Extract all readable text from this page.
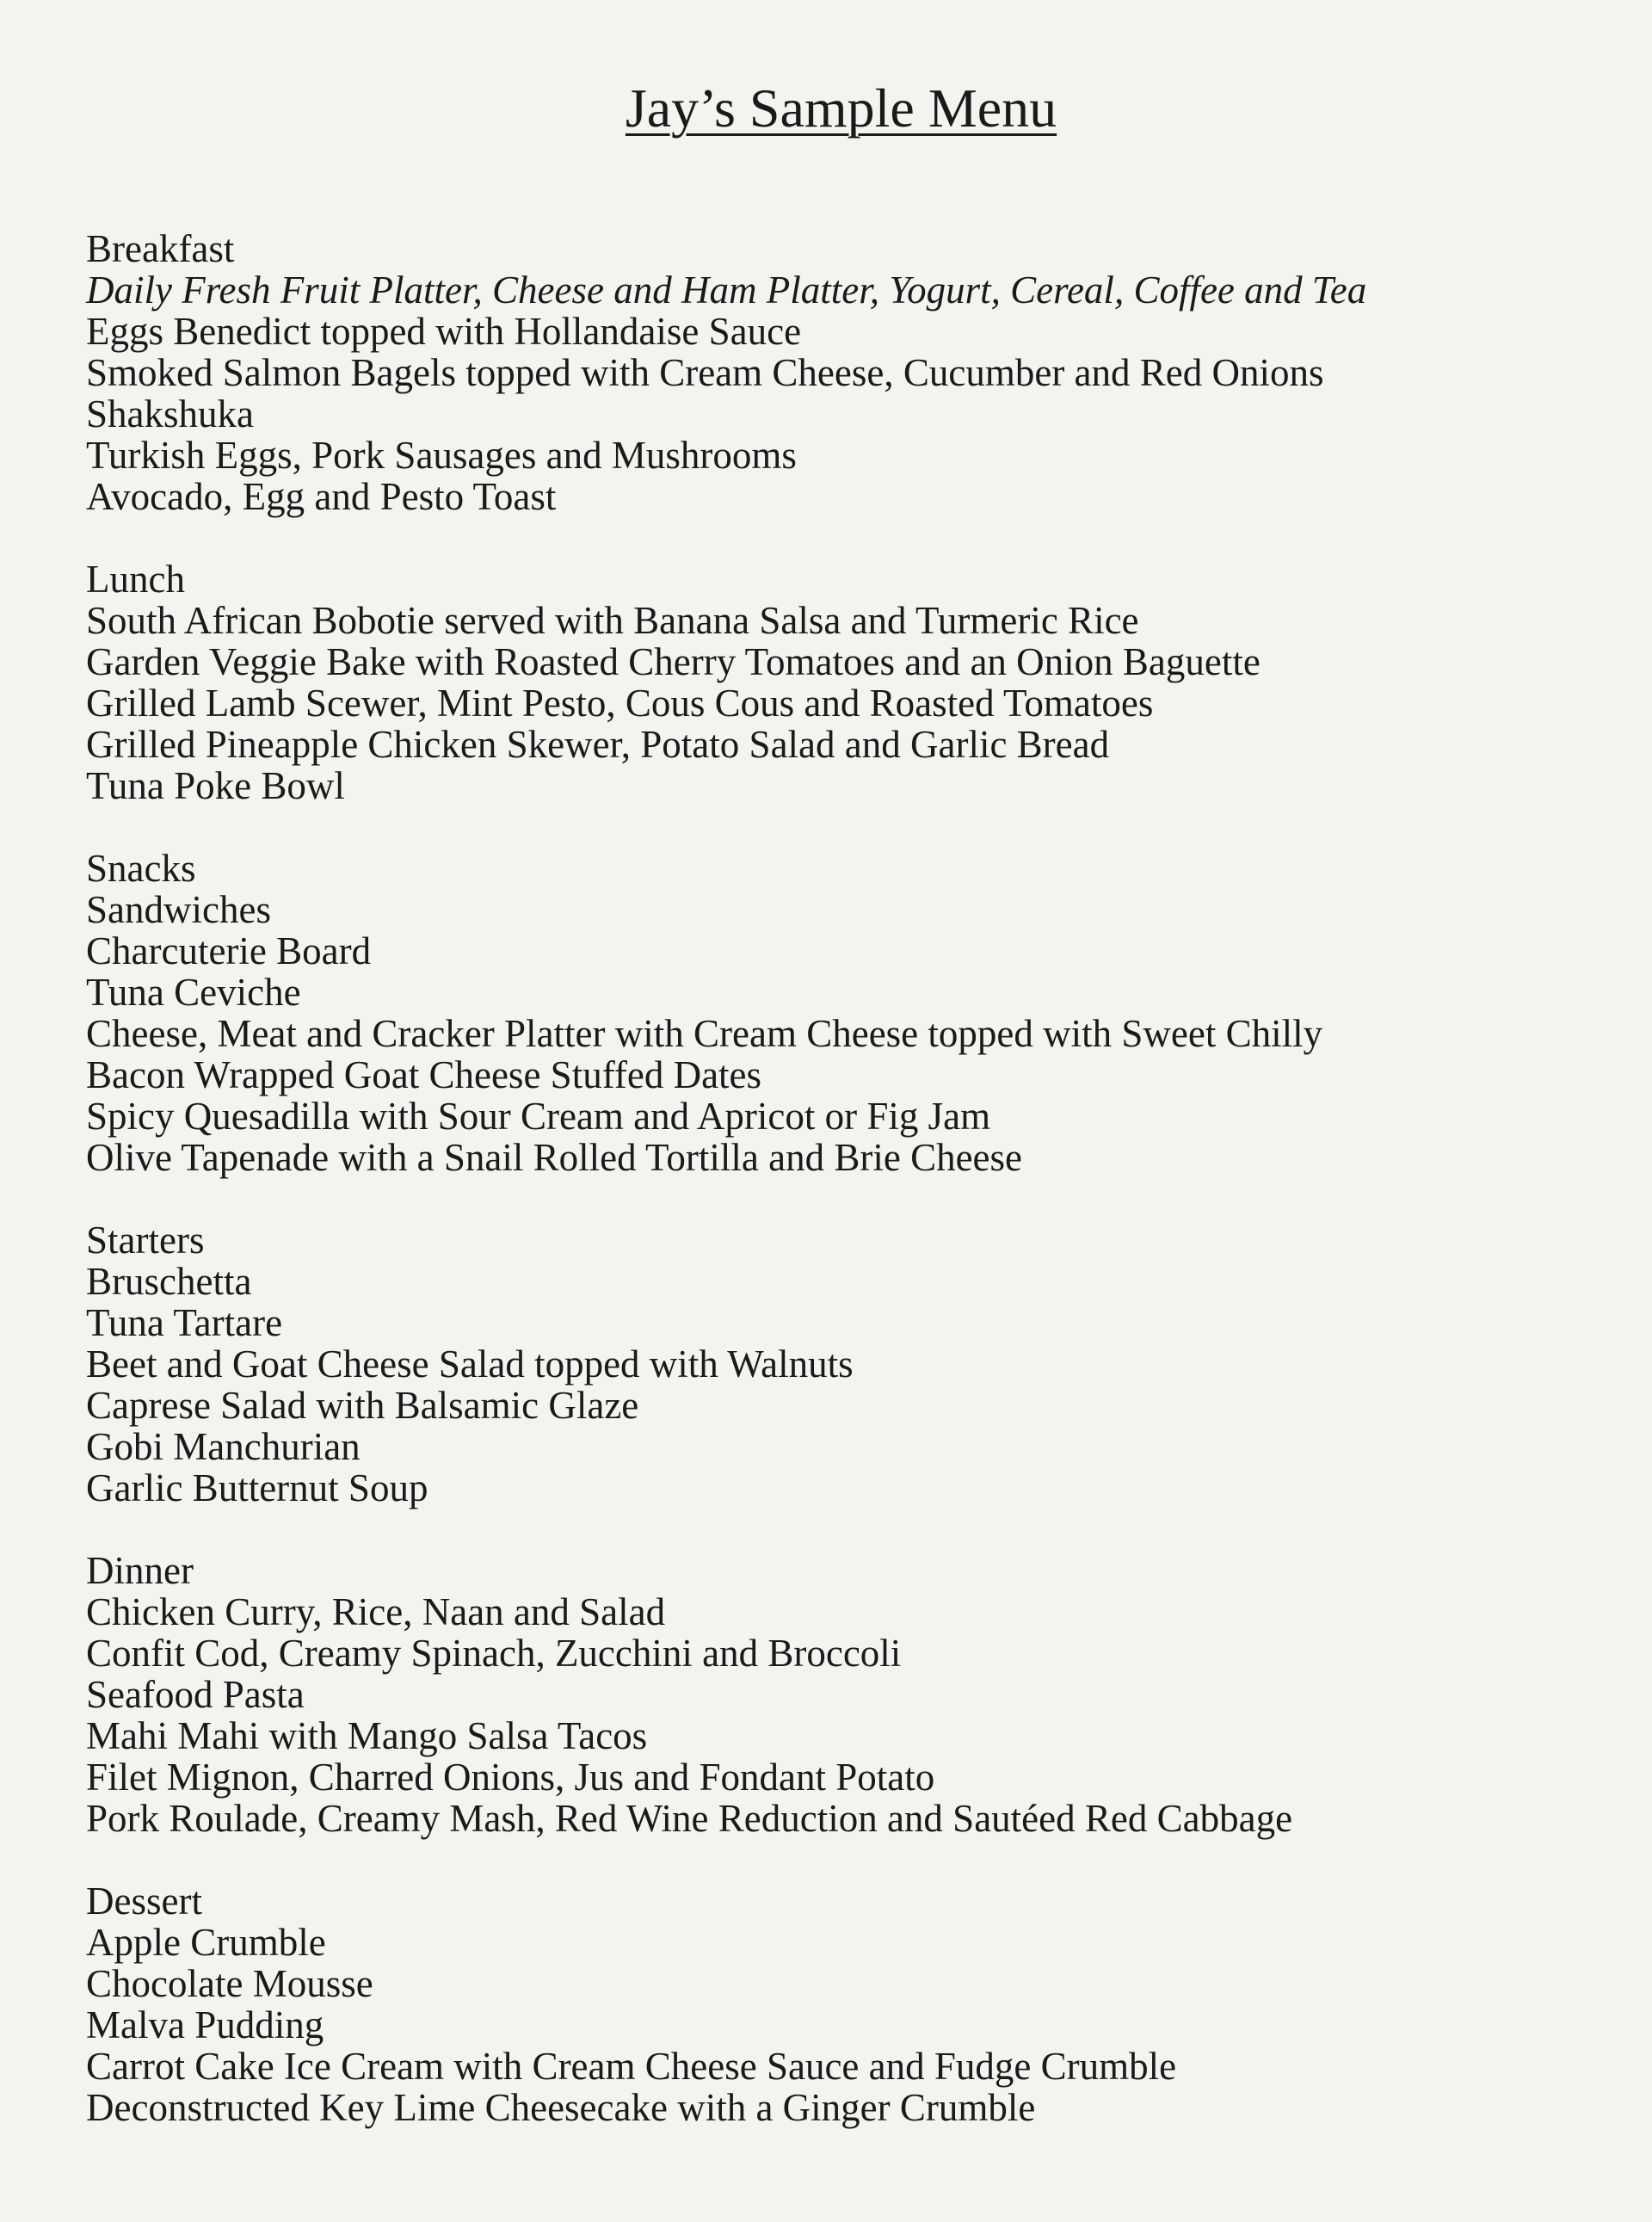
Jay’s Sample Menu

Breakfast

Daily Fresh Fruit Platter, Cheese and Ham Platter, Yogurt, Cereal, Coffee and Tea

Eggs Benedict topped with Hollandaise Sauce

Smoked Salmon Bagels topped with Cream Cheese, Cucumber and Red Onions

Shakshuka

Turkish Eggs, Pork Sausages and Mushrooms

Avocado, Egg and Pesto Toast

Lunch

South African Bobotie served with Banana Salsa and Turmeric Rice

Garden Veggie Bake with Roasted Cherry Tomatoes and an Onion Baguette

Grilled Lamb Scewer, Mint Pesto, Cous Cous and Roasted Tomatoes

Grilled Pineapple Chicken Skewer, Potato Salad and Garlic Bread

Tuna Poke Bowl

Snacks

Sandwiches

Charcuterie Board

Tuna Ceviche

Cheese, Meat and Cracker Platter with Cream Cheese topped with Sweet Chilly

Bacon Wrapped Goat Cheese Stuffed Dates

Spicy Quesadilla with Sour Cream and Apricot or Fig Jam

Olive Tapenade with a Snail Rolled Tortilla and Brie Cheese

Starters

Bruschetta

Tuna Tartare

Beet and Goat Cheese Salad topped with Walnuts

Caprese Salad with Balsamic Glaze

Gobi Manchurian

Garlic Butternut Soup

Dinner

Chicken Curry, Rice, Naan and Salad

Confit Cod, Creamy Spinach, Zucchini and Broccoli

Seafood Pasta

Mahi Mahi with Mango Salsa Tacos

Filet Mignon, Charred Onions, Jus and Fondant Potato

Pork Roulade, Creamy Mash, Red Wine Reduction and Sautéed Red Cabbage

Dessert

Apple Crumble

Chocolate Mousse

Malva Pudding

Carrot Cake Ice Cream with Cream Cheese Sauce and Fudge Crumble

Deconstructed Key Lime Cheesecake with a Ginger Crumble
